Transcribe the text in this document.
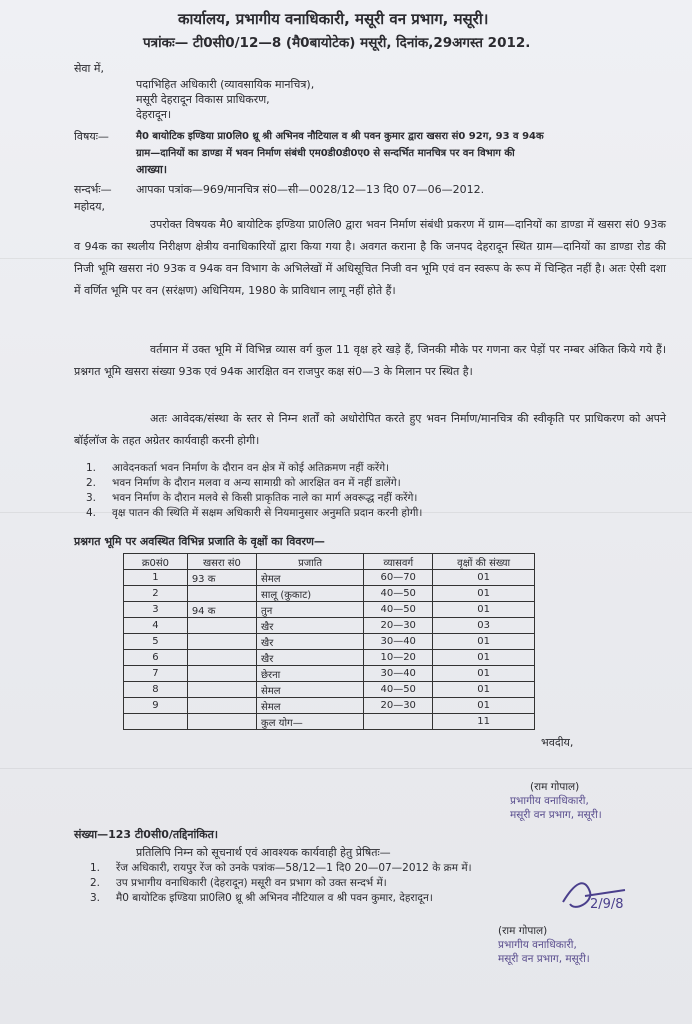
कार्यालय, प्रभागीय वनाधिकारी, मसूरी वन प्रभाग, मसूरी।
पत्रांकः— टी0सी0/12—8 (मै0बायोटेक) मसूरी, दिनांक,29अगस्त 2012.
सेवा में,
पदाभिहित अधिकारी (व्यावसायिक मानचित्र),
मसूरी देहरादून विकास प्राधिकरण,
देहरादून।
विषयः—	मै0 बायोटिक इण्डिया प्रा0लि0 थ्रू श्री अभिनव नौटियाल व श्री पवन कुमार द्वारा खसरा सं0 92ग, 93 व 94क
ग्राम—दानियों का डाण्डा में भवन निर्माण संबंधी एम0डी0डी0ए0 से सन्दर्भित मानचित्र पर वन विभाग की
आख्या।
सन्दर्भः— आपका पत्रांक—969/मानचित्र सं0—सी—0028/12—13 दि0 07—06—2012.
महोदय,
उपरोक्त विषयक मै0 बायोटिक इण्डिया प्रा0लि0 द्वारा भवन निर्माण संबंधी प्रकरण में ग्राम—दानियों का डाण्डा में खसरा सं0 93क व 94क का स्थलीय निरीक्षण क्षेत्रीय वनाधिकारियों द्वारा किया गया है। अवगत कराना है कि जनपद देहरादून स्थित ग्राम—दानियों का डाण्डा रोड की निजी भूमि खसरा नं0 93क व 94क वन विभाग के अभिलेखों में अधिसूचित निजी वन भूमि एवं वन स्वरूप के रूप में चिन्हित नहीं है। अतः ऐसी दशा में वर्णित भूमि पर वन (सरंक्षण) अधिनियम, 1980 के प्राविधान लागू नहीं होते हैं।
वर्तमान में उक्त भूमि में विभिन्न व्यास वर्ग कुल 11 वृक्ष हरे खड़े हैं, जिनकी मौके पर गणना कर पेड़ों पर नम्बर अंकित किये गये हैं। प्रश्नगत भूमि खसरा संख्या 93क एवं 94क आरक्षित वन राजपुर कक्ष सं0—3 के मिलान पर स्थित है।
अतः आवेदक/संस्था के स्तर से निम्न शर्तों को अधोरोपित करते हुए भवन निर्माण/मानचित्र की स्वीकृति पर प्राधिकरण को अपने बॉईलॉज के तहत अग्रेतर कार्यवाही करनी होगी।
1. आवेदनकर्ता भवन निर्माण के दौरान वन क्षेत्र में कोई अतिक्रमण नहीं करेंगे।
2. भवन निर्माण के दौरान मलवा व अन्य सामाग्री को आरक्षित वन में नहीं डालेंगे।
3. भवन निर्माण के दौरान मलवे से किसी प्राकृतिक नाले का मार्ग अवरूद्ध नहीं करेंगे।
4. वृक्ष पातन की स्थिति में सक्षम अधिकारी से नियमानुसार अनुमति प्रदान करनी होगी।
प्रश्नगत भूमि पर अवस्थित विभिन्न प्रजाति के वृक्षों का विवरण—
क्र0सं0	खसरा सं0	प्रजाति	व्यासवर्ग	वृक्षों की संख्या
1	93 क	सेमल	60—70	01
2		सालू (कुकाट)	40—50	01
3	94 क	तुन	40—50	01
4		खैर	20—30	03
5		खैर	30—40	01
6		खैर	10—20	01
7		छेरना	30—40	01
8		सेमल	40—50	01
9		सेमल	20—30	01
		कुल योग—		11
भवदीय,
(राम गोपाल)
प्रभागीय वनाधिकारी,
मसूरी वन प्रभाग, मसूरी।
संख्या—123 टी0सी0/तद्दिनांकित।
प्रतिलिपि निम्न को सूचनार्थ एवं आवश्यक कार्यवाही हेतु प्रेषितः—
1. रेंज अधिकारी, रायपुर रेंज को उनके पत्रांक—58/12—1 दि0 20—07—2012 के क्रम में।
2. उप प्रभागीय वनाधिकारी (देहरादून) मसूरी वन प्रभाग को उक्त सन्दर्भ में।
3. मै0 बायोटिक इण्डिया प्रा0लि0 थ्रू श्री अभिनव नौटियाल व श्री पवन कुमार, देहरादून।	2/9/8
(राम गोपाल)
प्रभागीय वनाधिकारी,
मसूरी वन प्रभाग, मसूरी।
